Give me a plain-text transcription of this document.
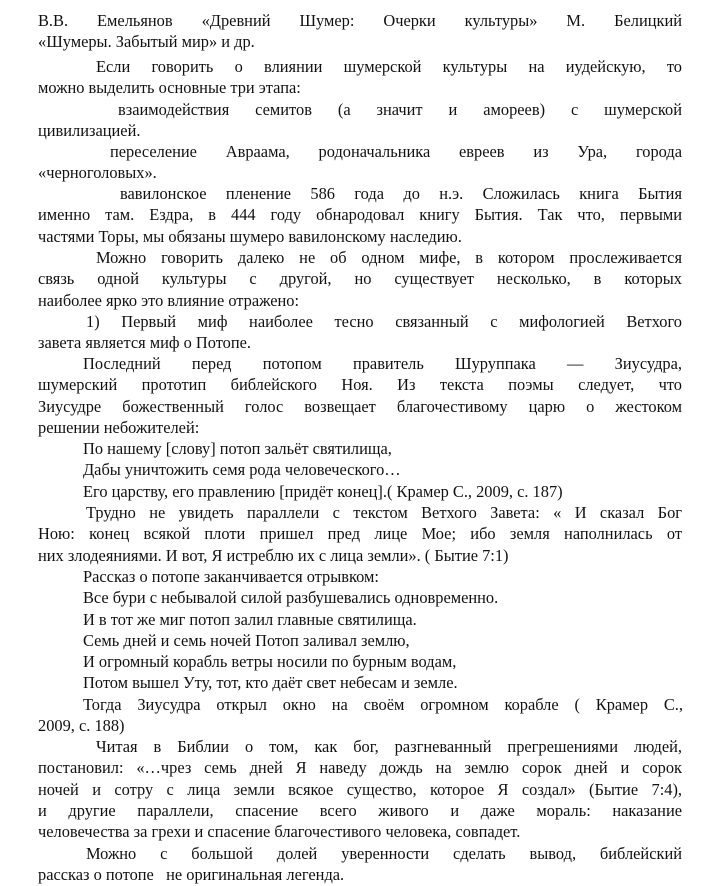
В.В. Емельянов «Древний Шумер: Очерки культуры» М. Белицкий
«Шумеры. Забытый мир» и др.
Если говорить о влиянии шумерской культуры на иудейскую, то
можно выделить основные три этапа:
взаимодействия семитов (а значит и амореев) с шумерской
цивилизацией.
переселение Авраама, родоначальника евреев из Ура, города
«черноголовых».
вавилонское пленение 586 года до н.э. Сложилась книга Бытия
именно там. Ездра, в 444 году обнародовал книгу Бытия. Так что, первыми
частями Торы, мы обязаны шумеро вавилонскому наследию.
Можно говорить далеко не об одном мифе, в котором прослеживается
связь одной культуры с другой, но существует несколько, в которых
наиболее ярко это влияние отражено:
1) Первый миф наиболее тесно связанный с мифологией Ветхого
завета является миф о Потопе.
Последний перед потопом правитель Шуруппака — Зиусудра,
шумерский прототип библейского Ноя. Из текста поэмы следует, что
Зиусудре божественный голос возвещает благочестивому царю о жестоком
решении небожителей:
По нашему [слову] потоп зальёт святилища,
Дабы уничтожить семя рода человеческого…
Его царству, его правлению [придёт конец].( Крамер С., 2009, с. 187)
Трудно не увидеть параллели с текстом Ветхого Завета: « И сказал Бог
Ною: конец всякой плоти пришел пред лице Мое; ибо земля наполнилась от
них злодеяниями. И вот, Я истреблю их с лица земли». ( Бытие 7:1)
Рассказ о потопе заканчивается отрывком:
Все бури с небывалой силой разбушевались одновременно.
И в тот же миг потоп залил главные святилища.
Семь дней и семь ночей Потоп заливал землю,
И огромный корабль ветры носили по бурным водам,
Потом вышел Уту, тот, кто даёт свет небесам и земле.
Тогда Зиусудра открыл окно на своём огромном корабле ( Крамер С.,
2009, с. 188)
Читая в Библии о том, как бог, разгневанный прегрешениями людей,
постановил: «…чрез семь дней Я наведу дождь на землю сорок дней и сорок
ночей и сотру с лица земли всякое существо, которое Я создал» (Бытие 7:4),
и другие параллели, спасение всего живого и даже мораль: наказание
человечества за грехи и спасение благочестивого человека, совпадет.
Можно с большой долей уверенности сделать вывод, библейский
рассказ о потопе   не оригинальная легенда.
